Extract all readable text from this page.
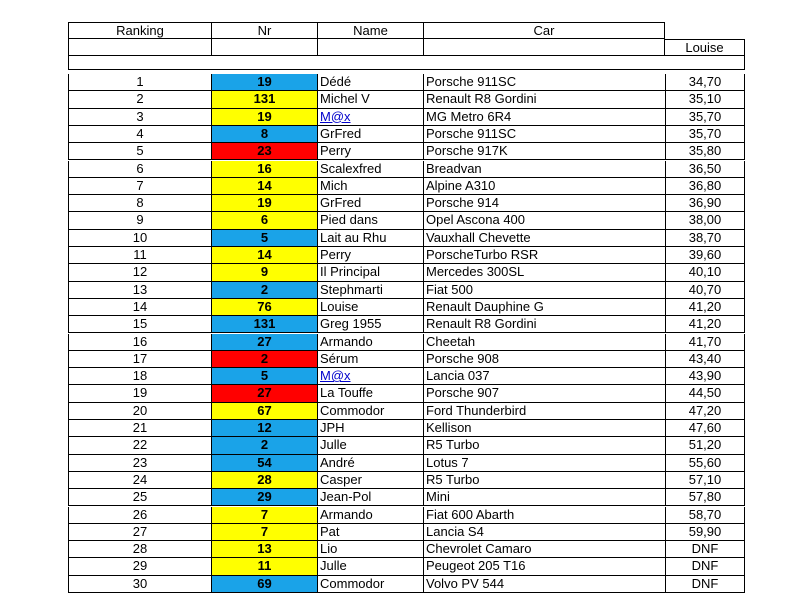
Ranking	Nr	Name	Car
Louise
1	19	Dédé	Porsche 911SC	34,70
2	131	Michel V	Renault R8 Gordini	35,10
3	19	M@x	MG Metro 6R4	35,70
4	8	GrFred	Porsche 911SC	35,70
5	23	Perry	Porsche 917K	35,80
6	16	Scalexfred	Breadvan	36,50
7	14	Mich	Alpine A310	36,80
8	19	GrFred	Porsche 914	36,90
9	6	Pied dans	Opel Ascona 400	38,00
10	5	Lait au Rhu	Vauxhall Chevette	38,70
11	14	Perry	PorscheTurbo RSR	39,60
12	9	Il Principal	Mercedes 300SL	40,10
13	2	Stephmarti	Fiat 500	40,70
14	76	Louise	Renault Dauphine G	41,20
15	131	Greg 1955	Renault R8 Gordini	41,20
16	27	Armando	Cheetah	41,70
17	2	Sérum	Porsche 908	43,40
18	5	M@x	Lancia 037	43,90
19	27	La Touffe	Porsche 907	44,50
20	67	Commodor	Ford Thunderbird	47,20
21	12	JPH	Kellison	47,60
22	2	Julle	R5 Turbo	51,20
23	54	André	Lotus 7	55,60
24	28	Casper	R5 Turbo	57,10
25	29	Jean-Pol	Mini	57,80
26	7	Armando	Fiat 600 Abarth	58,70
27	7	Pat	Lancia S4	59,90
28	13	Lio	Chevrolet Camaro	DNF
29	11	Julle	Peugeot 205 T16	DNF
30	69	Commodor	Volvo PV 544	DNF
